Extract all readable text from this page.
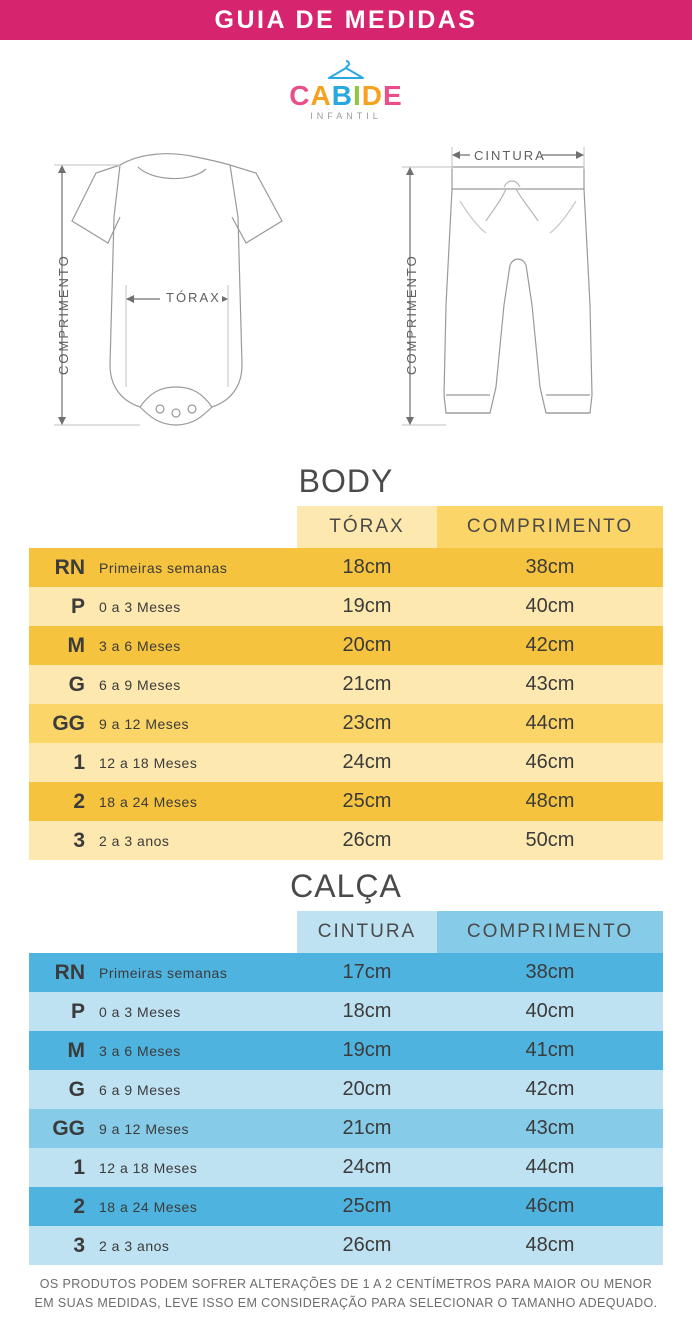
GUIA DE MEDIDAS
CABIDE
INFANTIL
TÓRAX
CINTURA
COMPRIMENTO	COMPRIMENTO
BODY
		TÓRAX	COMPRIMENTO
RN	Primeiras semanas	18cm	38cm
P	0 a 3 Meses	19cm	40cm
M	3 a 6 Meses	20cm	42cm
G	6 a 9 Meses	21cm	43cm
GG	9 a 12 Meses	23cm	44cm
1	12 a 18 Meses	24cm	46cm
2	18 a 24 Meses	25cm	48cm
3	2 a 3 anos	26cm	50cm
CALÇA
		CINTURA	COMPRIMENTO
RN	Primeiras semanas	17cm	38cm
P	0 a 3 Meses	18cm	40cm
M	3 a 6 Meses	19cm	41cm
G	6 a 9 Meses	20cm	42cm
GG	9 a 12 Meses	21cm	43cm
1	12 a 18 Meses	24cm	44cm
2	18 a 24 Meses	25cm	46cm
3	2 a 3 anos	26cm	48cm
OS PRODUTOS PODEM SOFRER ALTERAÇÕES DE 1 A 2 CENTÍMETROS PARA MAIOR OU MENOR
EM SUAS MEDIDAS, LEVE ISSO EM CONSIDERAÇÃO PARA SELECIONAR O TAMANHO ADEQUADO.
